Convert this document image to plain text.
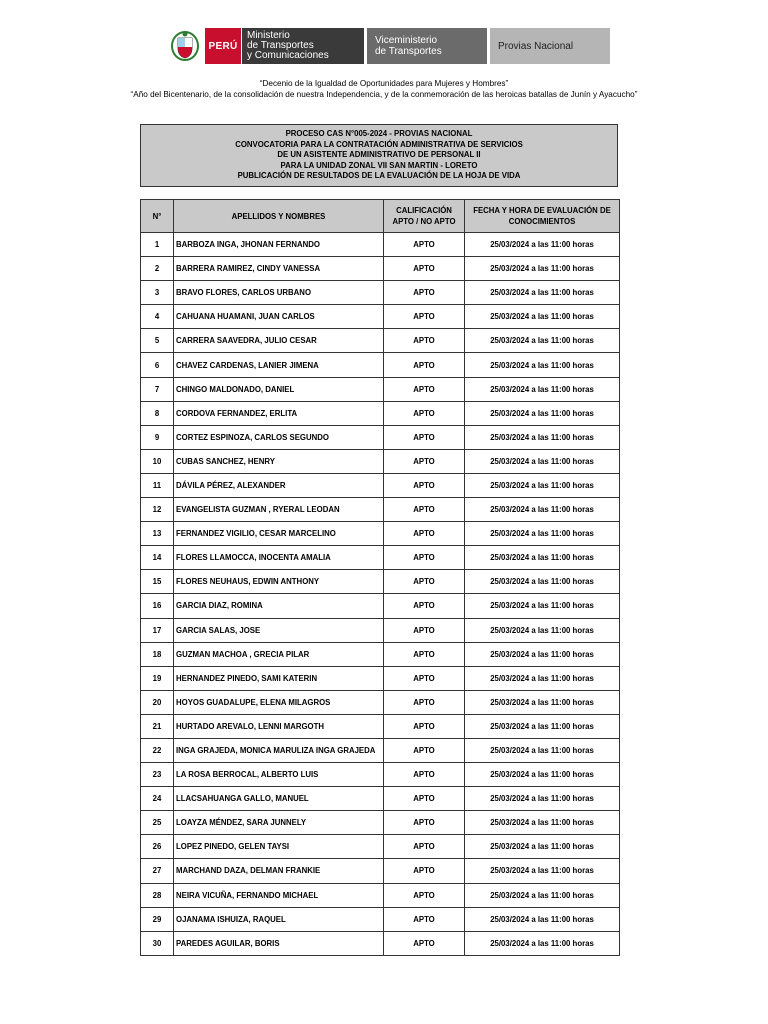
PERÚ
Ministerio
de Transportes
y Comunicaciones
Viceministerio
de Transportes	Provias Nacional
“Decenio de la Igualdad de Oportunidades para Mujeres y Hombres”
“Año del Bicentenario, de la consolidación de nuestra Independencia, y de la conmemoración de las heroicas batallas de Junín y Ayacucho”
PROCESO CAS N°005-2024 - PROVIAS NACIONAL
CONVOCATORIA PARA LA CONTRATACIÓN ADMINISTRATIVA DE SERVICIOS
DE UN ASISTENTE ADMINISTRATIVO DE PERSONAL II
PARA LA UNIDAD ZONAL VII SAN MARTIN - LORETO
PUBLICACIÓN DE RESULTADOS DE LA EVALUACIÓN DE LA HOJA DE VIDA
N°	APELLIDOS Y NOMBRES	CALIFICACIÓN APTO / NO APTO	FECHA Y HORA DE EVALUACIÓN DE CONOCIMIENTOS
1	BARBOZA INGA, JHONAN FERNANDO	APTO	25/03/2024 a las 11:00 horas
2	BARRERA RAMIREZ, CINDY VANESSA	APTO	25/03/2024 a las 11:00 horas
3	BRAVO FLORES, CARLOS URBANO	APTO	25/03/2024 a las 11:00 horas
4	CAHUANA HUAMANI, JUAN CARLOS	APTO	25/03/2024 a las 11:00 horas
5	CARRERA SAAVEDRA, JULIO CESAR	APTO	25/03/2024 a las 11:00 horas
6	CHAVEZ CARDENAS, LANIER JIMENA	APTO	25/03/2024 a las 11:00 horas
7	CHINGO MALDONADO, DANIEL	APTO	25/03/2024 a las 11:00 horas
8	CORDOVA FERNANDEZ, ERLITA	APTO	25/03/2024 a las 11:00 horas
9	CORTEZ ESPINOZA, CARLOS SEGUNDO	APTO	25/03/2024 a las 11:00 horas
10	CUBAS SANCHEZ, HENRY	APTO	25/03/2024 a las 11:00 horas
11	DÁVILA PÉREZ, ALEXANDER	APTO	25/03/2024 a las 11:00 horas
12	EVANGELISTA GUZMAN , RYERAL LEODAN	APTO	25/03/2024 a las 11:00 horas
13	FERNANDEZ VIGILIO, CESAR MARCELINO	APTO	25/03/2024 a las 11:00 horas
14	FLORES LLAMOCCA, INOCENTA AMALIA	APTO	25/03/2024 a las 11:00 horas
15	FLORES NEUHAUS, EDWIN ANTHONY	APTO	25/03/2024 a las 11:00 horas
16	GARCIA DIAZ, ROMINA	APTO	25/03/2024 a las 11:00 horas
17	GARCIA SALAS, JOSE	APTO	25/03/2024 a las 11:00 horas
18	GUZMAN MACHOA , GRECIA PILAR	APTO	25/03/2024 a las 11:00 horas
19	HERNANDEZ PINEDO, SAMI KATERIN	APTO	25/03/2024 a las 11:00 horas
20	HOYOS GUADALUPE, ELENA MILAGROS	APTO	25/03/2024 a las 11:00 horas
21	HURTADO AREVALO, LENNI MARGOTH	APTO	25/03/2024 a las 11:00 horas
22	INGA GRAJEDA, MONICA MARULIZA INGA GRAJEDA	APTO	25/03/2024 a las 11:00 horas
23	LA ROSA BERROCAL, ALBERTO LUIS	APTO	25/03/2024 a las 11:00 horas
24	LLACSAHUANGA GALLO, MANUEL	APTO	25/03/2024 a las 11:00 horas
25	LOAYZA MÉNDEZ, SARA JUNNELY	APTO	25/03/2024 a las 11:00 horas
26	LOPEZ PINEDO, GELEN TAYSI	APTO	25/03/2024 a las 11:00 horas
27	MARCHAND DAZA, DELMAN FRANKIE	APTO	25/03/2024 a las 11:00 horas
28	NEIRA VICUÑA, FERNANDO MICHAEL	APTO	25/03/2024 a las 11:00 horas
29	OJANAMA ISHUIZA, RAQUEL	APTO	25/03/2024 a las 11:00 horas
30	PAREDES AGUILAR, BORIS	APTO	25/03/2024 a las 11:00 horas
